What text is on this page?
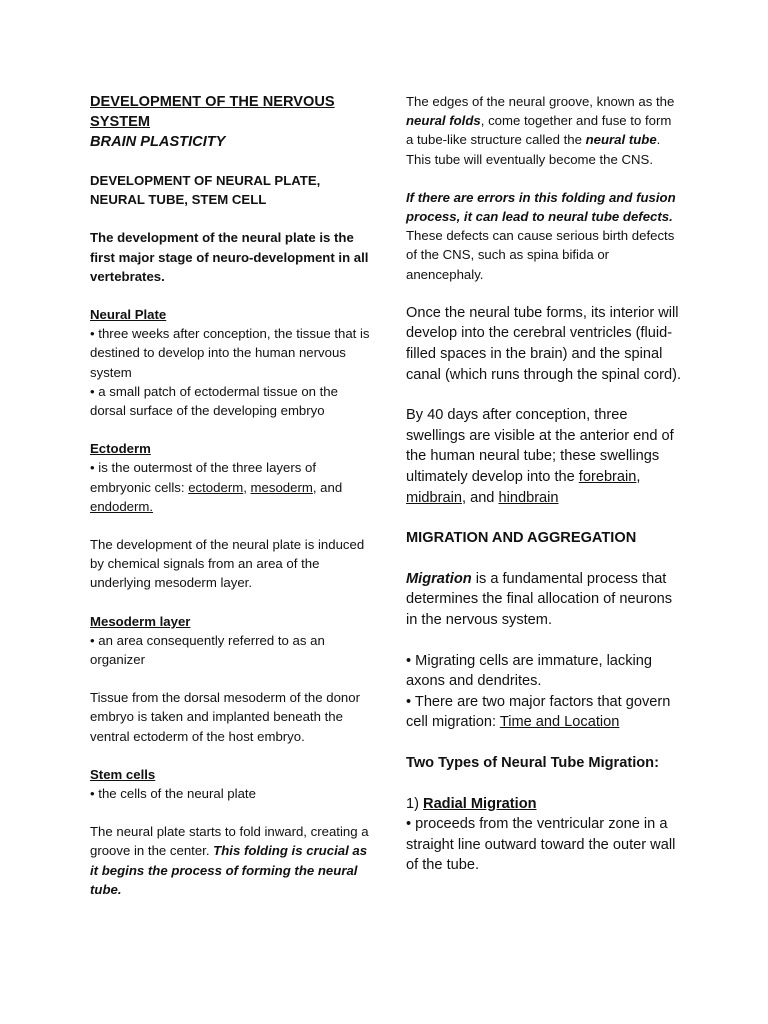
DEVELOPMENT OF THE NERVOUS SYSTEM

BRAIN PLASTICITY

DEVELOPMENT OF NEURAL PLATE, NEURAL TUBE, STEM CELL

The development of the neural plate is the first major stage of neuro-development in all vertebrates.

Neural Plate

• three weeks after conception, the tissue that is destined to develop into the human nervous system

• a small patch of ectodermal tissue on the dorsal surface of the developing embryo

Ectoderm

• is the outermost of the three layers of embryonic cells: ectoderm, mesoderm, and endoderm.

The development of the neural plate is induced by chemical signals from an area of the underlying mesoderm layer.

Mesoderm layer

• an area consequently referred to as an organizer

Tissue from the dorsal mesoderm of the donor embryo is taken and implanted beneath the ventral ectoderm of the host embryo.

Stem cells

• the cells of the neural plate

The neural plate starts to fold inward, creating a groove in the center. This folding is crucial as it begins the process of forming the neural tube.

The edges of the neural groove, known as the neural folds, come together and fuse to form a tube-like structure called the neural tube. This tube will eventually become the CNS.

If there are errors in this folding and fusion process, it can lead to neural tube defects. These defects can cause serious birth defects of the CNS, such as spina bifida or anencephaly.

Once the neural tube forms, its interior will develop into the cerebral ventricles (fluid- filled spaces in the brain) and the spinal canal (which runs through the spinal cord).

By 40 days after conception, three swellings are visible at the anterior end of the human neural tube; these swellings ultimately develop into the forebrain, midbrain, and hindbrain

MIGRATION AND AGGREGATION

Migration is a fundamental process that determines the final allocation of neurons in the nervous system.

• Migrating cells are immature, lacking axons and dendrites.

• There are two major factors that govern cell migration: Time and Location

Two Types of Neural Tube Migration:

1) Radial Migration

• proceeds from the ventricular zone in a straight line outward toward the outer wall of the tube.
